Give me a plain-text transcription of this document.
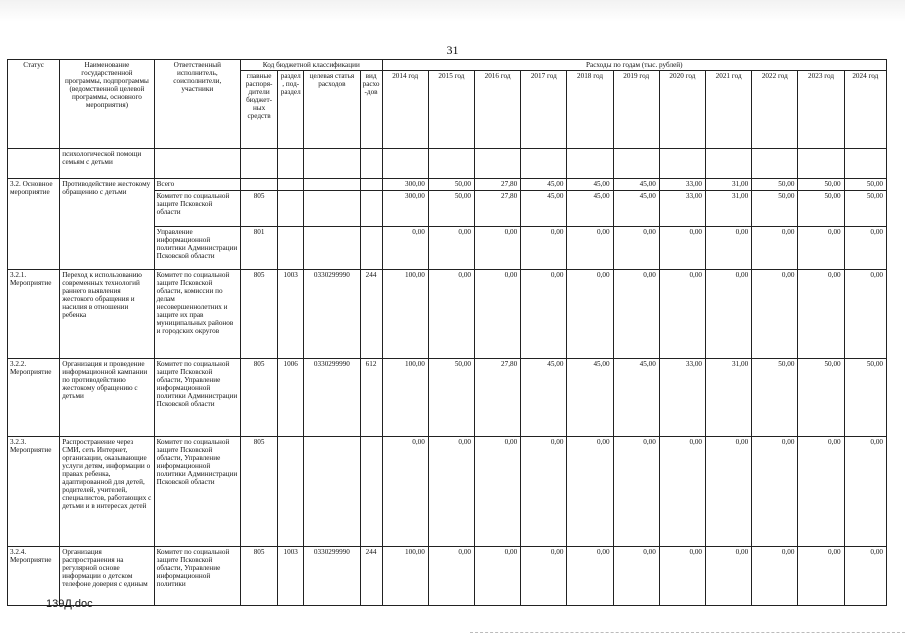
31
Статус	Наименование государственной программы, подпрограммы (ведомственной целевой программы, основного мероприятия)	Ответственный исполнитель, соисполнители, участники	Код бюджетной классификации				Расходы по годам (тыс. рублей)										
			главные распоря-дители бюджет-ных средств	раздел, под-раздел	целевая статья расходов	вид расхо-дов	2014 год	2015 год	2016 год	2017 год	2018 год	2019 год	2020 год	2021 год	2022 год	2023 год	2024 год
	психологической помощи семьям с детьми																
3.2. Основное мероприятие	Противодействие жестокому обращению с детьми	Всего					300,00	50,00	27,80	45,00	45,00	45,00	33,00	31,00	50,00	50,00	50,00
		Комитет по социальной защите Псковской области	805				300,00	50,00	27,80	45,00	45,00	45,00	33,00	31,00	50,00	50,00	50,00
		Управление информационной политики Администрации Псковской области	801				0,00	0,00	0,00	0,00	0,00	0,00	0,00	0,00	0,00	0,00	0,00
3.2.1. Мероприятие	Переход к использованию современных технологий раннего выявления жестокого обращения и насилия в отношении ребенка	Комитет по социальной защите Псковской области, комиссии по делам несовершеннолетних и защите их прав муниципальных районов и городских округов	805	1003	0330299990	244	100,00	0,00	0,00	0,00	0,00	0,00	0,00	0,00	0,00	0,00	0,00
3.2.2. Мероприятие	Организация и проведение информационной кампании по противодействию жестокому обращению с детьми	Комитет по социальной защите Псковской области, Управление информационной политики Администрации Псковской области	805	1006	0330299990	612	100,00	50,00	27,80	45,00	45,00	45,00	33,00	31,00	50,00	50,00	50,00
3.2.3. Мероприятие	Распространение через СМИ, сеть Интернет, организации, оказывающие услуги детям, информации о правах ребенка, адаптированной для детей, родителей, учителей, специалистов, работающих с детьми и в интересах детей	Комитет по социальной защите Псковской области, Управление информационной политики Администрации Псковской области	805				0,00	0,00	0,00	0,00	0,00	0,00	0,00	0,00	0,00	0,00	0,00
3.2.4. Мероприятие	Организация распространения на регулярной основе информации о детском телефоне доверия с единым	Комитет по социальной защите Псковской области, Управление информационной политики	805	1003	0330299990	244	100,00	0,00	0,00	0,00	0,00	0,00	0,00	0,00	0,00	0,00	0,00
139Д.doc
